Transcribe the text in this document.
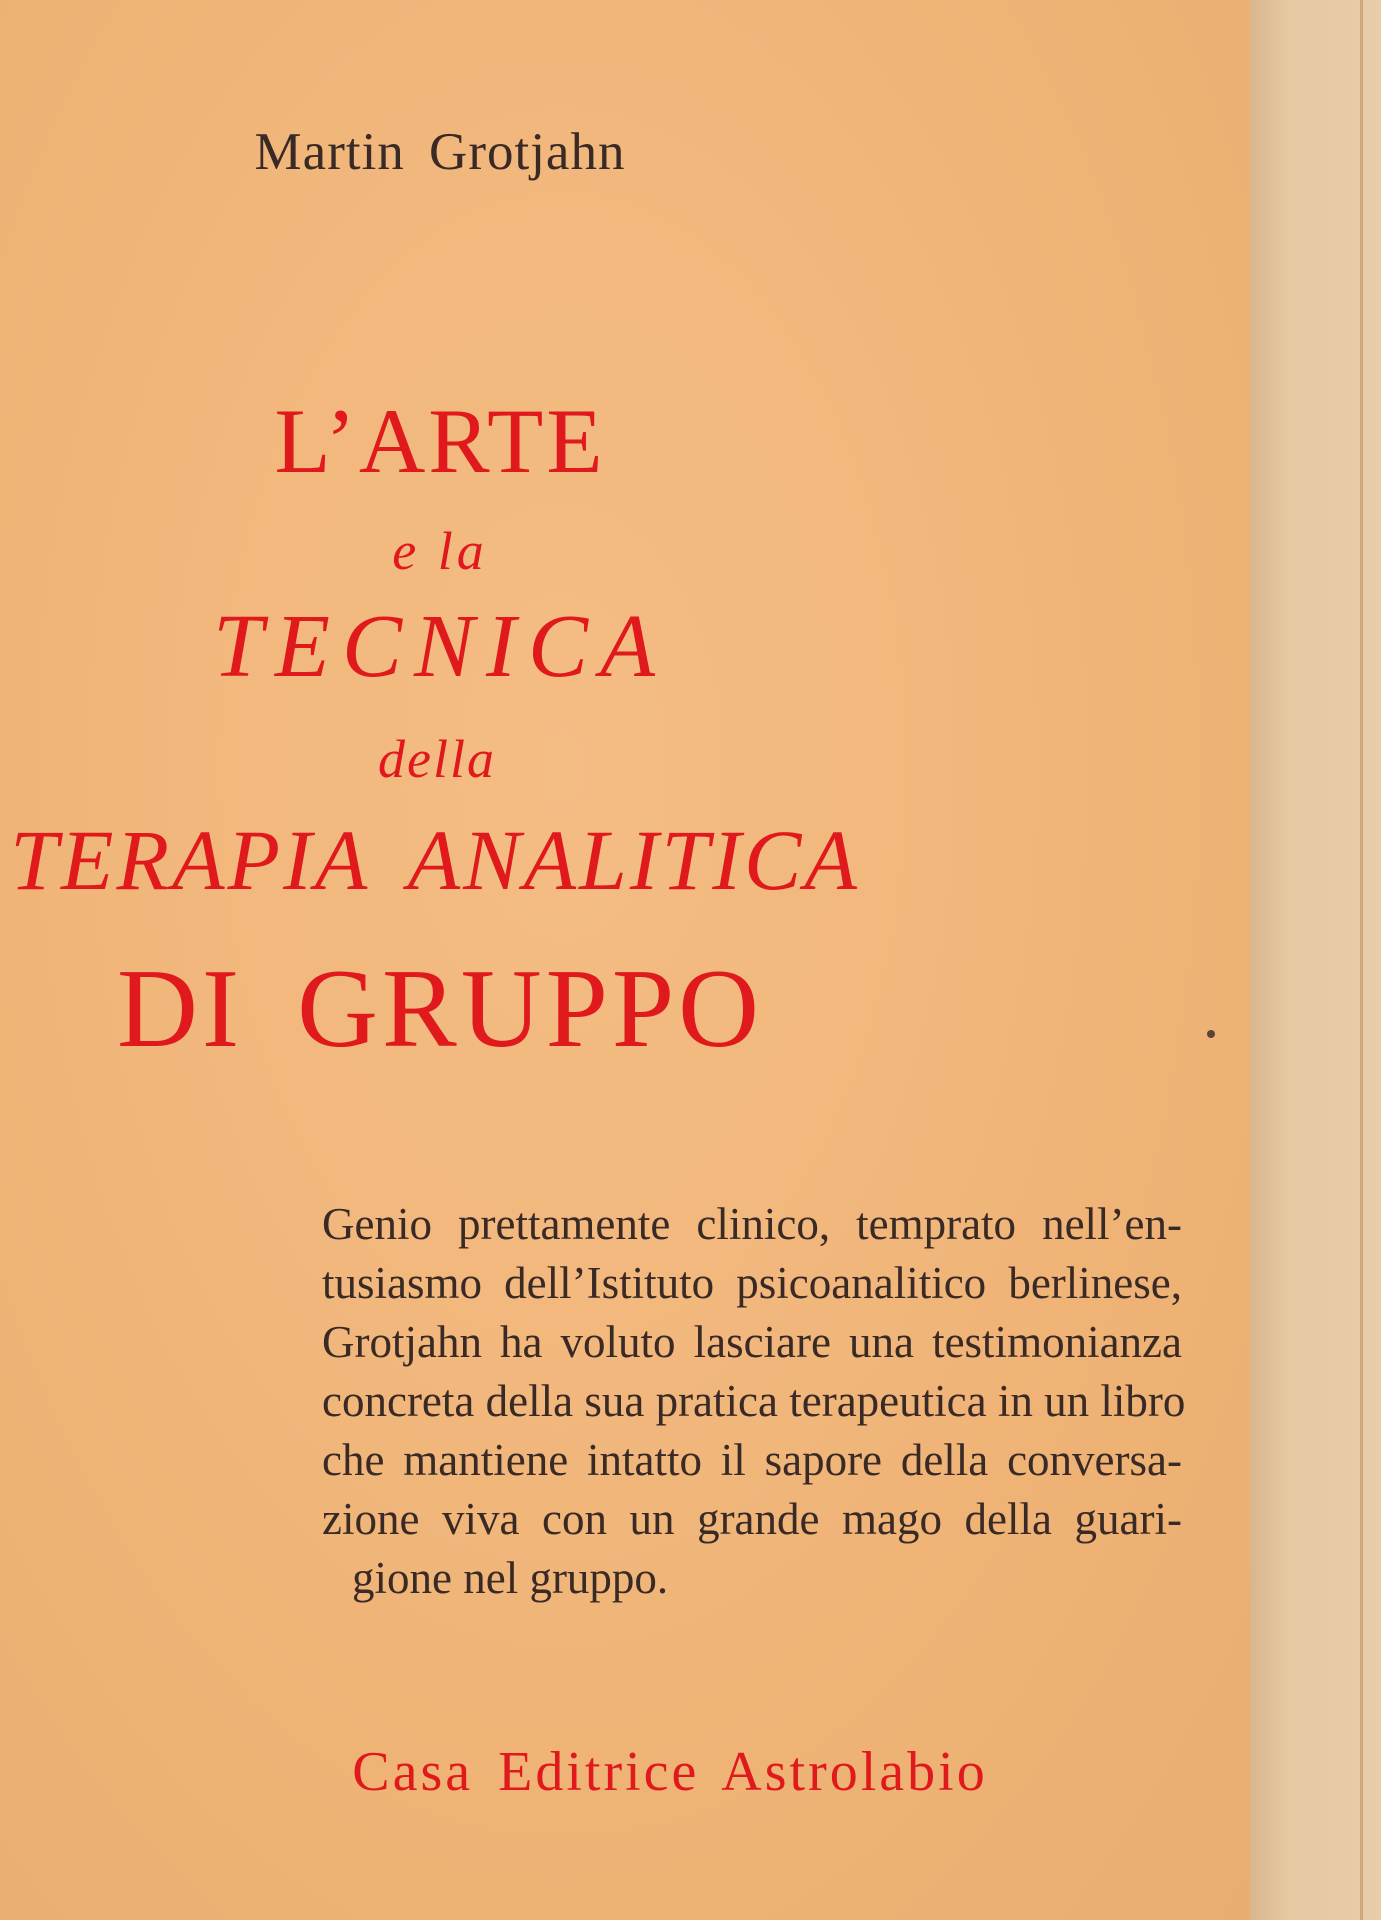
Martin Grotjahn
L’ARTE
e la
TECNICA
della
TERAPIA ANALITICA
DI GRUPPO
Genio prettamente clinico, temprato nell’en-
tusiasmo dell’Istituto psicoanalitico berlinese,
Grotjahn ha voluto lasciare una testimonianza
concreta della sua pratica terapeutica in un libro
che mantiene intatto il sapore della conversa-
zione viva con un grande mago della guari-
gione nel gruppo.
Casa Editrice Astrolabio
